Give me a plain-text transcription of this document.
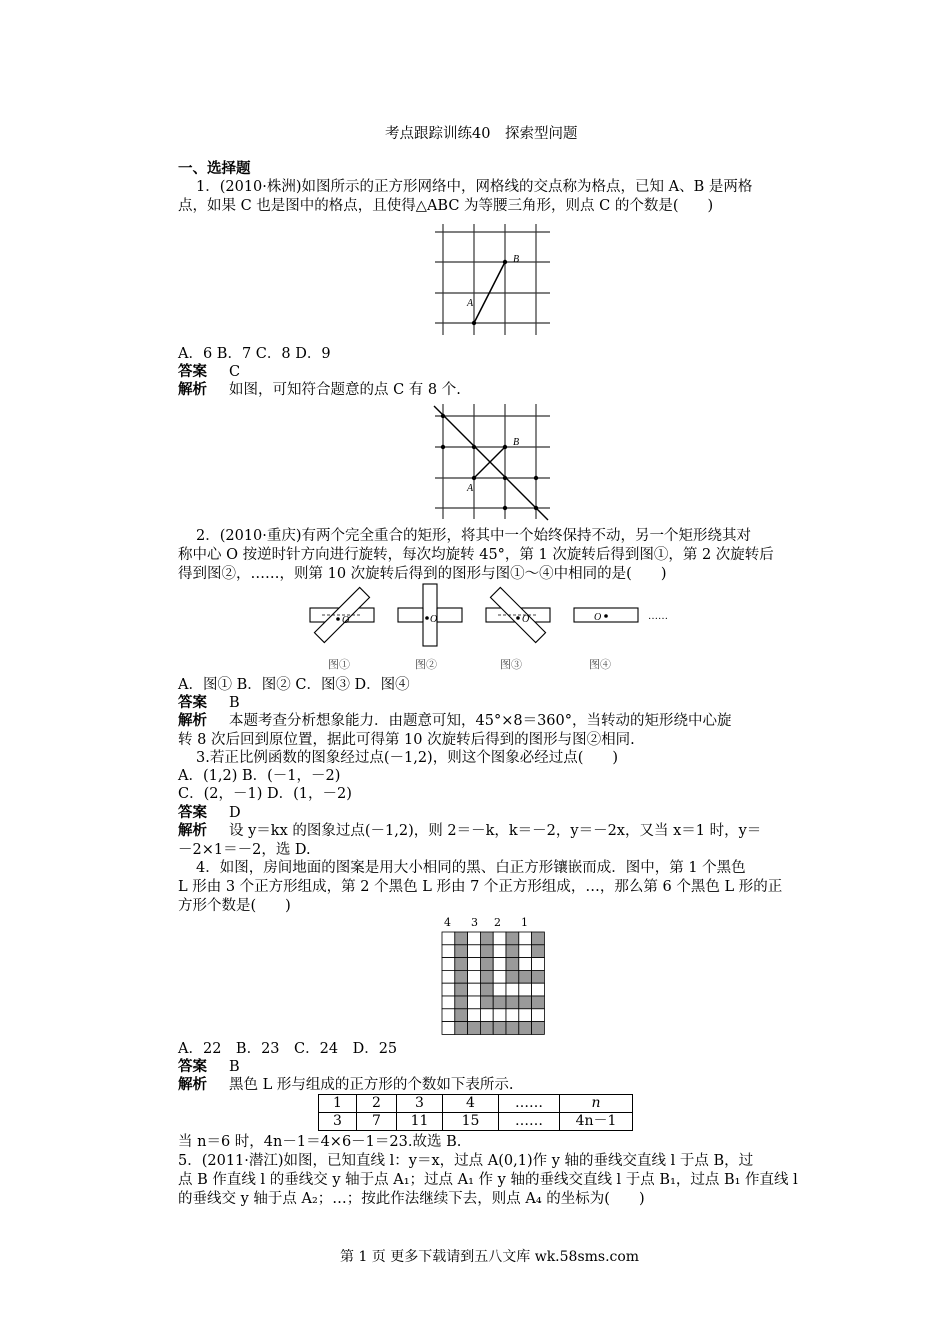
考点跟踪训练40　探索型问题
一、选择题
1．(2010·株洲)如图所示的正方形网络中，网格线的交点称为格点，已知 A、B 是两格
点，如果 C 也是图中的格点，且使得△ABC 为等腰三角形，则点 C 的个数是(　　)
A
B
A．6 B．7 C．8 D．9
答案 C
解析 如图，可知符合题意的点 C 有 8 个.
A
B
2．(2010·重庆)有两个完全重合的矩形，将其中一个始终保持不动，另一个矩形绕其对
称中心 O 按逆时针方向进行旋转，每次均旋转 45°，第 1 次旋转后得到图①，第 2 次旋转后
得到图②，……，则第 10 次旋转后得到的图形与图①～④中相同的是(　　)
O	O	O	O	……
图①	图②	图③	图④
A．图① B．图② C．图③ D．图④
答案 B
解析 本题考查分析想象能力．由题意可知，45°×8＝360°，当转动的矩形绕中心旋
转 8 次后回到原位置，据此可得第 10 次旋转后得到的图形与图②相同.
3.若正比例函数的图象经过点(－1,2)，则这个图象必经过点(　　)
A．(1,2) B．(－1，－2)
C．(2，－1) D．(1，－2)
答案 D
解析 设 y＝kx 的图象过点(－1,2)，则 2＝－k，k＝－2，y＝－2x，又当 x＝1 时，y＝
－2×1＝－2，选 D.
4．如图，房间地面的图案是用大小相同的黑、白正方形镶嵌而成．图中，第 1 个黑色
L 形由 3 个正方形组成，第 2 个黑色 L 形由 7 个正方形组成，…，那么第 6 个黑色 L 形的正
方形个数是(　　)
4 3 2 1
A．22　B．23　C．24　D．25
答案 B
解析 黑色 L 形与组成的正方形的个数如下表所示.
1	2	3	4	……	n
3	7	11	15	……	4n－1
当 n＝6 时，4n－1＝4×6－1＝23.故选 B.
5．(2011·潜江)如图，已知直线 l：y＝x，过点 A(0,1)作 y 轴的垂线交直线 l 于点 B，过
点 B 作直线 l 的垂线交 y 轴于点 A₁；过点 A₁ 作 y 轴的垂线交直线 l 于点 B₁，过点 B₁ 作直线 l
的垂线交 y 轴于点 A₂；…；按此作法继续下去，则点 A₄ 的坐标为(　　)
第 1 页 更多下载请到五八文库 wk.58sms.com
